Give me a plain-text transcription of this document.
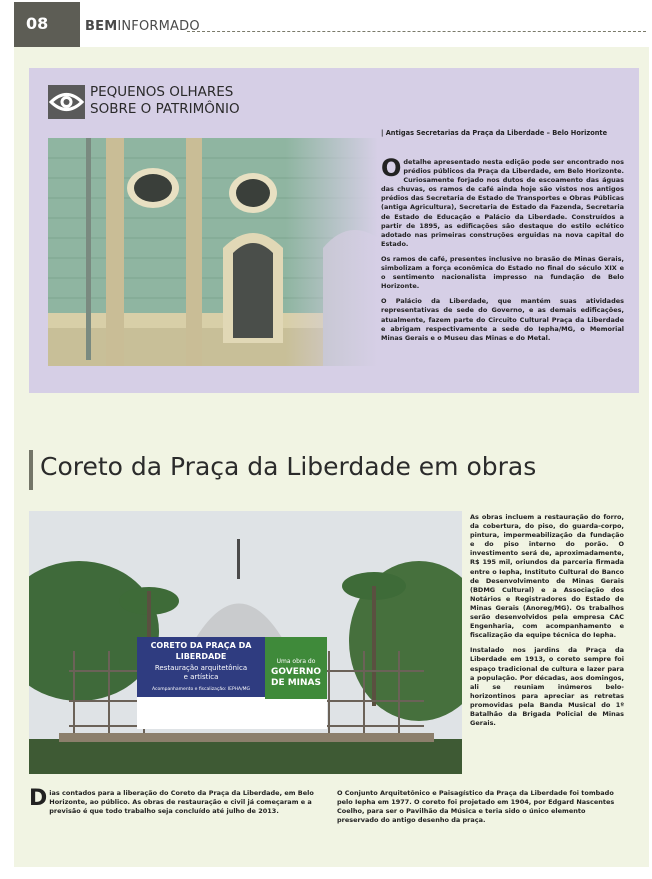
08	BEMINFORMADO
PEQUENOS OLHARES
SOBRE O PATRIMÔNIO
| Antigas Secretarias da Praça da Liberdade – Belo Horizonte

Odetalhe apresentado nesta edição pode ser encontrado nos prédios públicos da Praça da Liberdade, em Belo Horizonte. Curiosamente forjado nos dutos de escoamento das águas das chuvas, os ramos de café ainda hoje são vistos nos antigos prédios das Secretaria de Estado de Transportes e Obras Públicas (antiga Agricultura), Secretaria de Estado da Fazenda, Secretaria de Estado de Educação e Palácio da Liberdade. Construídos a partir de 1895, as edificações são destaque do estilo eclético adotado nas primeiras construções erguidas na nova capital do Estado.

Os ramos de café, presentes inclusive no brasão de Minas Gerais, simbolizam a força econômica do Estado no final do século XIX e o sentimento nacionalista impresso na fundação de Belo Horizonte.

O Palácio da Liberdade, que mantém suas atividades representativas de sede do Governo, e as demais edificações, atualmente, fazem parte do Circuito Cultural Praça da Liberdade e abrigam respectivamente a sede do Iepha/MG, o Memorial Minas Gerais e o Museu das Minas e do Metal.

Coreto da Praça da Liberdade em obras
CORETO DA PRAÇA DA
LIBERDADE
Restauração arquitetônica
e artística
Acompanhamento e fiscalização: IEPHA/MG
Uma obra do
GOVERNO
DE MINAS

As obras incluem a restauração do forro, da cobertura, do piso, do guarda-corpo, pintura, impermeabilização da fundação e do piso interno do porão. O investimento será de, aproximadamente, R$ 195 mil, oriundos da parceria firmada entre o Iepha, Instituto Cultural do Banco de Desenvolvimento de Minas Gerais (BDMG Cultural) e a Associação dos Notários e Registradores do Estado de Minas Gerais (Anoreg/MG). Os trabalhos serão desenvolvidos pela empresa CAC Engenharia, com acompanhamento e fiscalização da equipe técnica do Iepha.

Instalado nos jardins da Praça da Liberdade em 1913, o coreto sempre foi espaço tradicional de cultura e lazer para a população. Por décadas, aos domingos, ali se reuniam inúmeros belo-horizontinos para apreciar as retretas promovidas pela Banda Musical do 1º Batalhão da Brigada Policial de Minas Gerais.

Dias contados para a liberação do Coreto da Praça da Liberdade, em Belo Horizonte, ao público. As obras de restauração e civil já começaram e a previsão é que todo trabalho seja concluído até julho de 2013.
O Conjunto Arquitetônico e Paisagístico da Praça da Liberdade foi tombado pelo Iepha em 1977. O coreto foi projetado em 1904, por Edgard Nascentes Coelho, para ser o Pavilhão da Música e teria sido o único elemento preservado do antigo desenho da praça.
